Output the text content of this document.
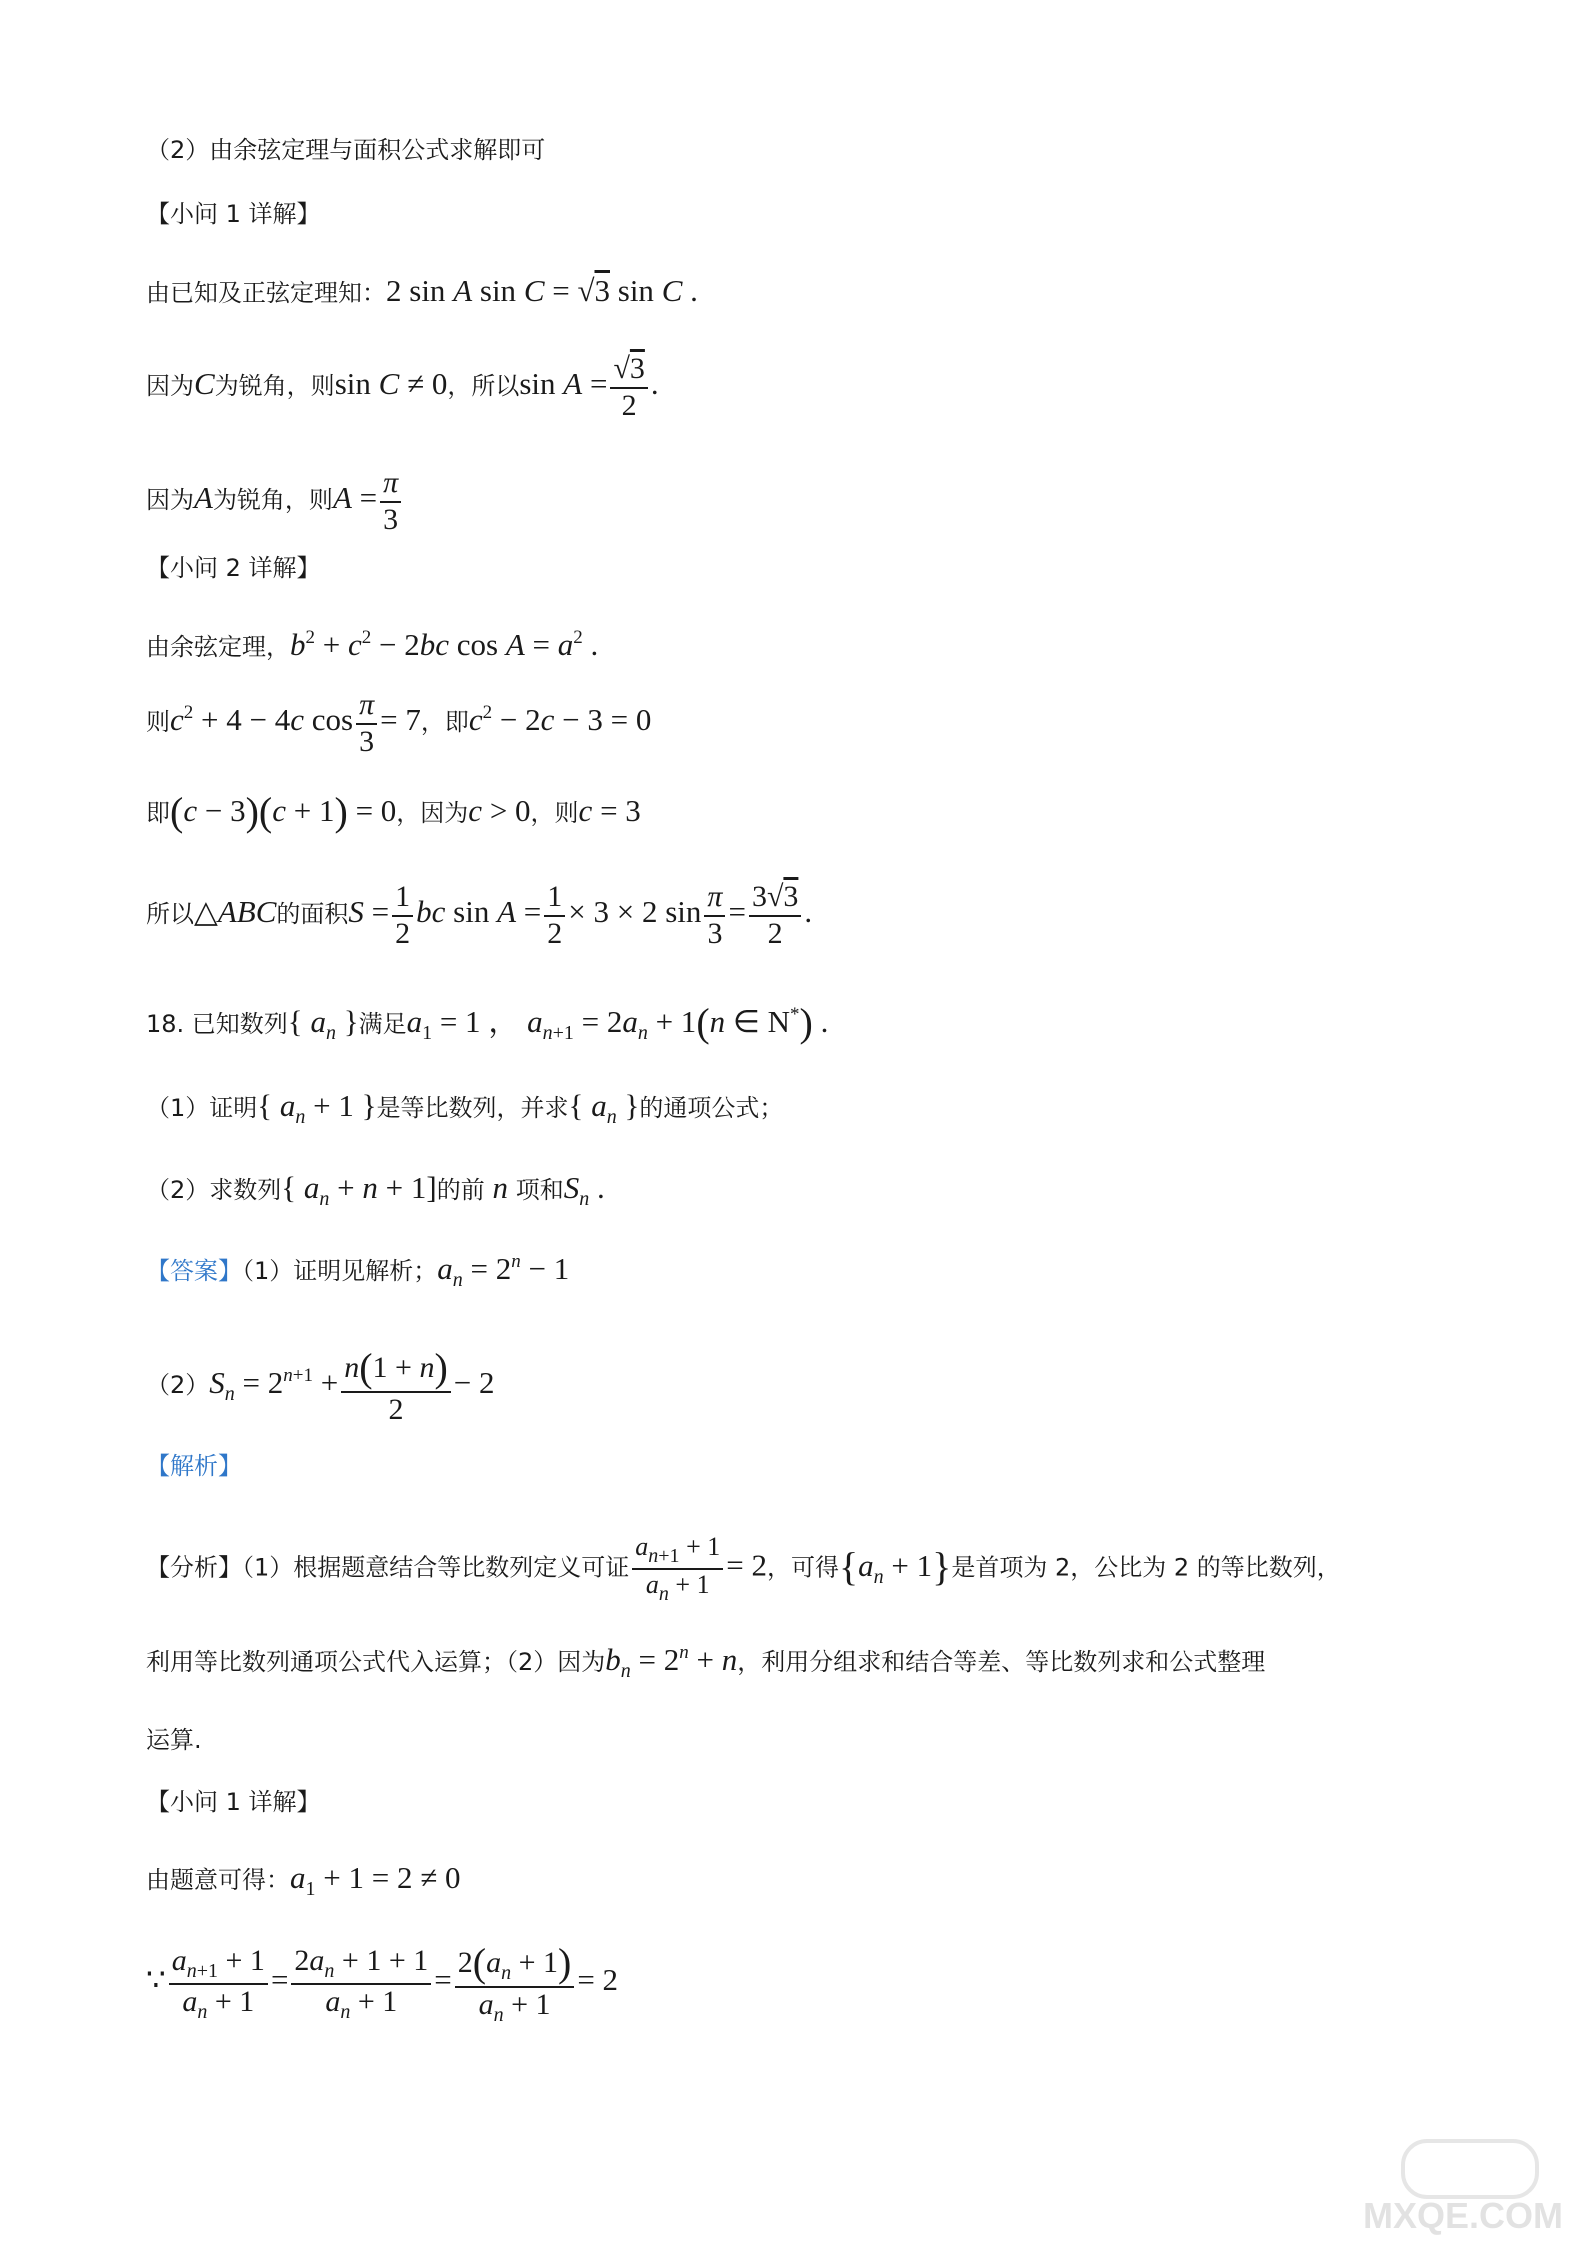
（2）由余弦定理与面积公式求解即可
【小问 1 详解】
由已知及正弦定理知：2 sin A sin C = √3 sin C .
因为C为锐角，则sin C ≠ 0，所以$\sin A = \frac{√3}{2}$ .
因为A为锐角，则$A = \frac{\pi}{3}$
【小问 2 详解】
由余弦定理，$b^2 + c^2 - 2bc$ $\cos A = a^2$ .
则$c^2 + 4 - 4c$ $\cos \frac{\pi}{3} = 7$，即$c^2 - 2c - 3 = 0$
即(c − 3)(c + 1) = 0，因为c > 0，则c = 3
所以△ABC的面积$S = \frac{1}{2}$ bc $\sin A = \frac{1}{2} \times 3 \times 2$ $\sin \frac{\pi}{3} = \frac{3√3}{2}$ .
18. 已知数列{ $a_n$ }满足$a_1 = 1$ ， $a_{n+1} = 2a_n + 1(n$ ∈ N*) .
（1）证明{ $a_n + 1$ }是等比数列，并求{ $a_n$ }的通项公式；
（2）求数列{ $a_n + n + 1$]的前 n 项和$S_n$ .
【答案】（1）证明见解析；$a_n = 2^n - 1$
$(2)S_n = 2^{n+1} + \frac{n(1 + n)}{2} - 2$
【解析】
【分析】（1）根据题意结合等比数列定义可证 $\frac{a_{n+1} + 1}{a_n + 1} = 2$，可得$\{a_n + 1\}$是首项为 2，公比为 2 的等比数列，
利用等比数列通项公式代入运算；（2）因为$b_n = 2^n + n$，利用分组求和结合等差、等比数列求和公式整理
运算.
【小问 1 详解】
由题意可得：$a_1 + 1 = 2 \ne 0$
∵ $\frac{a_{n+1} + 1}{a_n + 1} = \frac{2a_n + 1 + 1}{a_n + 1} = \frac{2(a_n + 1)}{a_n + 1} = 2$
MXQE.COM
